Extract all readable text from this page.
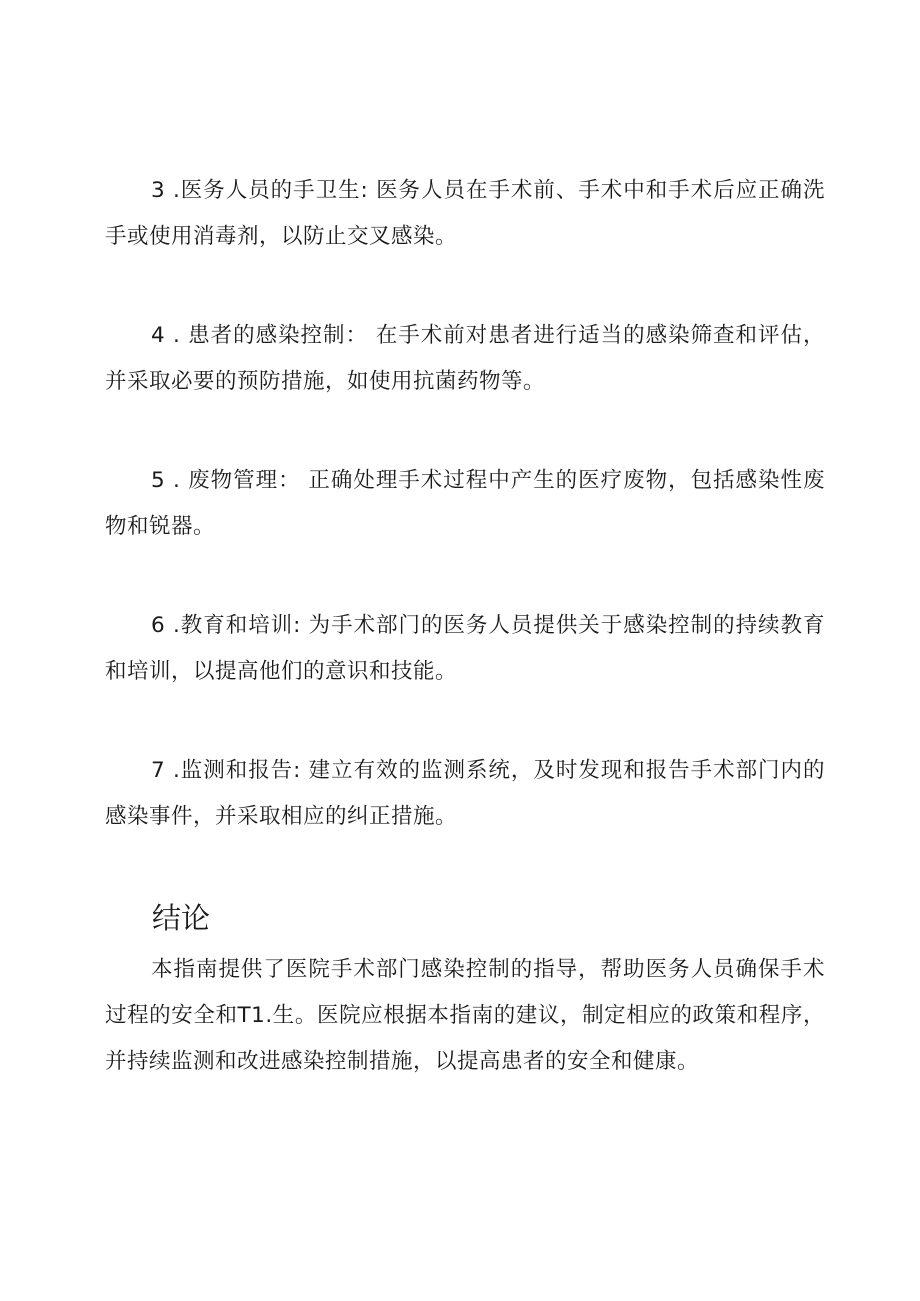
3 .医务人员的手卫生: 医务人员在手术前、手术中和手术后应正确洗手或使用消毒剂，以防止交叉感染。

4 . 患者的感染控制： 在手术前对患者进行适当的感染筛查和评估，并采取必要的预防措施，如使用抗菌药物等。

5 . 废物管理： 正确处理手术过程中产生的医疗废物，包括感染性废物和锐器。

6 .教育和培训: 为手术部门的医务人员提供关于感染控制的持续教育和培训，以提高他们的意识和技能。

7 .监测和报告: 建立有效的监测系统，及时发现和报告手术部门内的感染事件，并采取相应的纠正措施。

结论

本指南提供了医院手术部门感染控制的指导，帮助医务人员确保手术过程的安全和T1.生。医院应根据本指南的建议，制定相应的政策和程序，并持续监测和改进感染控制措施，以提高患者的安全和健康。
